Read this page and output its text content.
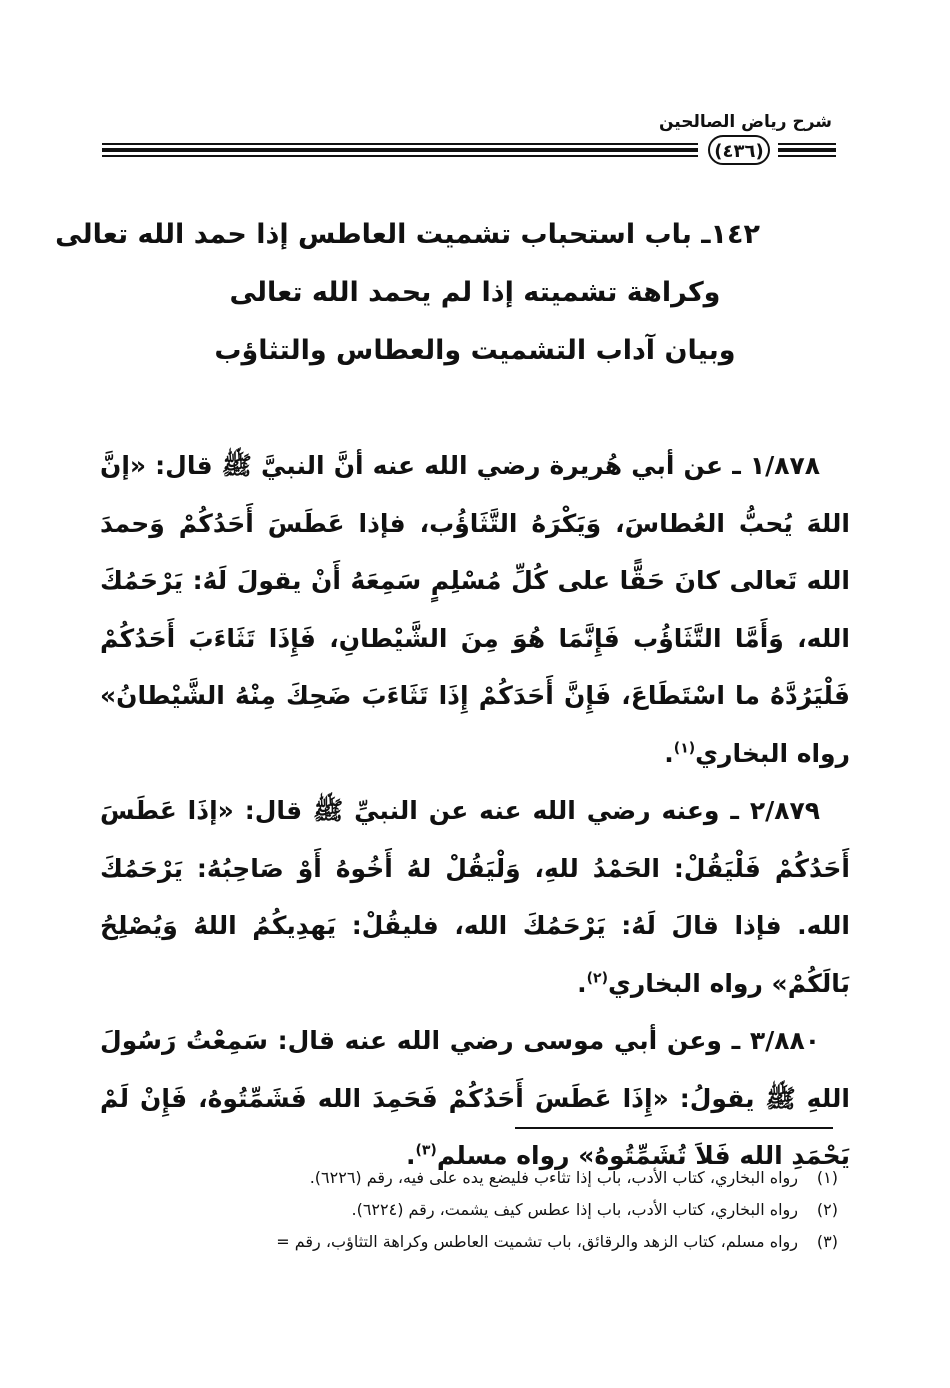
شرح رياض الصالحين
(٤٣٦)
١٤٢ـ باب استحباب تشميت العاطس إذا حمد الله تعالى
وكراهة تشميته إذا لم يحمد الله تعالى
وبيان آداب التشميت والعطاس والتثاؤب

١/٨٧٨ ـ عن أبي هُريرة رضي الله عنه أنَّ النبيَّ ﷺ قال: «إنَّ اللهَ يُحبُّ العُطاسَ، وَيَكْرَهُ التَّثَاؤُب، فإذا عَطَسَ أَحَدُكُمْ وَحمدَ الله تَعالى كانَ حَقًّا على كُلِّ مُسْلِمٍ سَمِعَهُ أَنْ يقولَ لَهُ: يَرْحَمُكَ الله، وَأَمَّا التَّثَاؤُب فَإِنَّمَا هُوَ مِنَ الشَّيْطانِ، فَإِذَا تَثَاءَبَ أَحَدُكُمْ فَلْيَرُدَّهُ ما اسْتَطَاعَ، فَإِنَّ أَحَدَكُمْ إِذَا تَثَاءَبَ ضَحِكَ مِنْهُ الشَّيْطانُ» رواه البخاري$^{(١)}$.

٢/٨٧٩ ـ وعنه رضي الله عنه عن النبيِّ ﷺ قال: «إذَا عَطَسَ أَحَدُكُمْ فَلْيَقُلْ: الحَمْدُ للهِ، وَلْيَقُلْ لهُ أَخُوهُ أَوْ صَاحِبُهُ: يَرْحَمُكَ الله. فإذا قالَ لَهُ: يَرْحَمُكَ الله، فليقُلْ: يَهدِيكُمُ اللهُ وَيُصْلِحُ بَالَكُمْ» رواه البخاري$^{(٢)}$.

٣/٨٨٠ ـ وعن أبي موسى رضي الله عنه قال: سَمِعْتُ رَسُولَ اللهِ ﷺ يقولُ: «إِذَا عَطَسَ أَحَدُكُمْ فَحَمِدَ الله فَشَمِّتُوهُ، فَإِنْ لَمْ يَحْمَدِ الله فَلاَ تُشَمِّتُوهُ» رواه مسلم$^{(٣)}$.

(١)رواه البخاري، كتاب الأدب، باب إذا تثاءب فليضع يده على فيه، رقم (٦٢٢٦).
(٢)رواه البخاري، كتاب الأدب، باب إذا عطس كيف يشمت، رقم (٦٢٢٤).
(٣)رواه مسلم، كتاب الزهد والرقائق، باب تشميت العاطس وكراهة التثاؤب، رقم =
